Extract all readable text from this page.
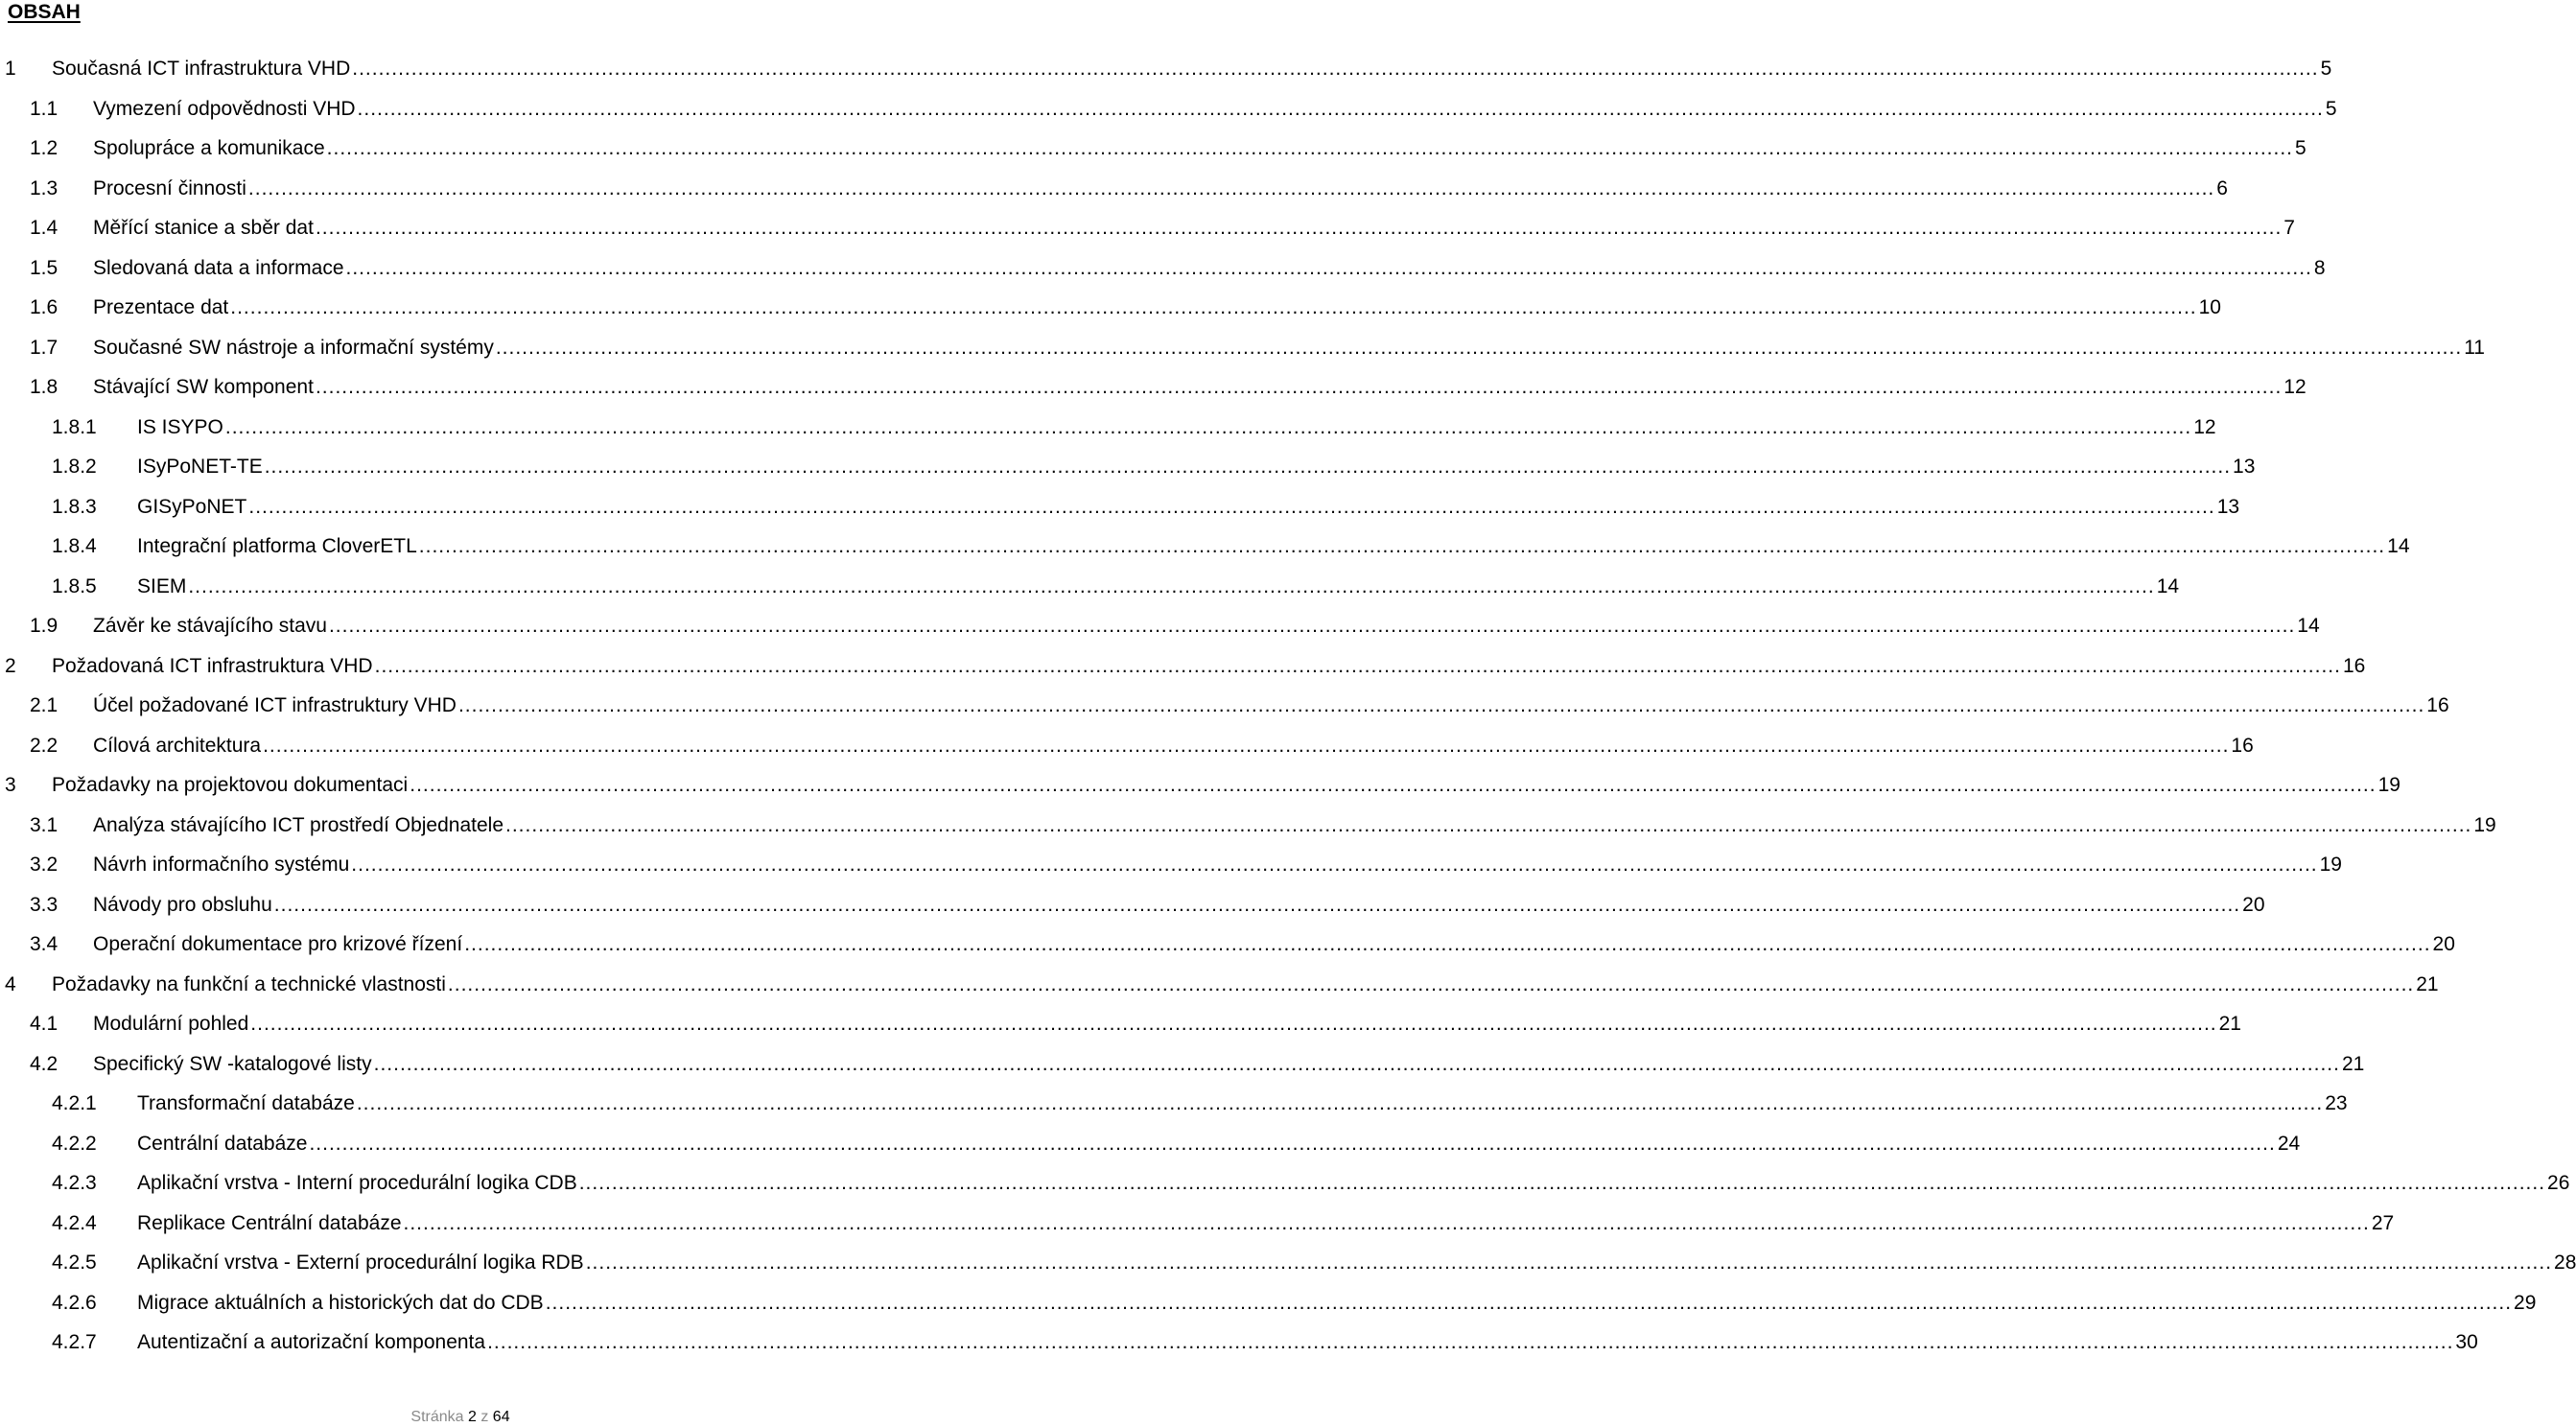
OBSAH
1 Současná ICT infrastruktura VHD ............................................................................................................................................................................................................................................................................................................ 5
1.1 Vymezení odpovědnosti VHD ............................................................................................................................................................................................................................................................................................................ 5
1.2 Spolupráce a komunikace ............................................................................................................................................................................................................................................................................................................ 5
1.3 Procesní činnosti ............................................................................................................................................................................................................................................................................................................ 6
1.4 Měřící stanice a sběr dat ............................................................................................................................................................................................................................................................................................................ 7
1.5 Sledovaná data a informace ............................................................................................................................................................................................................................................................................................................ 8
1.6 Prezentace dat ............................................................................................................................................................................................................................................................................................................ 10
1.7 Současné SW nástroje a informační systémy ............................................................................................................................................................................................................................................................................................................ 11
1.8 Stávající SW komponent ............................................................................................................................................................................................................................................................................................................ 12
1.8.1 IS ISYPO ............................................................................................................................................................................................................................................................................................................ 12
1.8.2 ISyPoNET-TE ............................................................................................................................................................................................................................................................................................................ 13
1.8.3 GISyPoNET ............................................................................................................................................................................................................................................................................................................ 13
1.8.4 Integrační platforma CloverETL ............................................................................................................................................................................................................................................................................................................ 14
1.8.5 SIEM ............................................................................................................................................................................................................................................................................................................ 14
1.9 Závěr ke stávajícího stavu ............................................................................................................................................................................................................................................................................................................ 14
2 Požadovaná ICT infrastruktura VHD ............................................................................................................................................................................................................................................................................................................ 16
2.1 Účel požadované ICT infrastruktury VHD ............................................................................................................................................................................................................................................................................................................ 16
2.2 Cílová architektura ............................................................................................................................................................................................................................................................................................................ 16
3 Požadavky na projektovou dokumentaci ............................................................................................................................................................................................................................................................................................................ 19
3.1 Analýza stávajícího ICT prostředí Objednatele ............................................................................................................................................................................................................................................................................................................ 19
3.2 Návrh informačního systému ............................................................................................................................................................................................................................................................................................................ 19
3.3 Návody pro obsluhu ............................................................................................................................................................................................................................................................................................................ 20
3.4 Operační dokumentace pro krizové řízení ............................................................................................................................................................................................................................................................................................................ 20
4 Požadavky na funkční a technické vlastnosti ............................................................................................................................................................................................................................................................................................................ 21
4.1 Modulární pohled ............................................................................................................................................................................................................................................................................................................ 21
4.2 Specifický SW -katalogové listy ............................................................................................................................................................................................................................................................................................................ 21
4.2.1 Transformační databáze ............................................................................................................................................................................................................................................................................................................ 23
4.2.2 Centrální databáze ............................................................................................................................................................................................................................................................................................................ 24
4.2.3 Aplikační vrstva - Interní procedurální logika CDB ............................................................................................................................................................................................................................................................................................................ 26
4.2.4 Replikace Centrální databáze ............................................................................................................................................................................................................................................................................................................ 27
4.2.5 Aplikační vrstva - Externí procedurální logika RDB ............................................................................................................................................................................................................................................................................................................ 28
4.2.6 Migrace aktuálních a historických dat do CDB ............................................................................................................................................................................................................................................................................................................ 29
4.2.7 Autentizační a autorizační komponenta ............................................................................................................................................................................................................................................................................................................ 30
Stránka 2 z 64
